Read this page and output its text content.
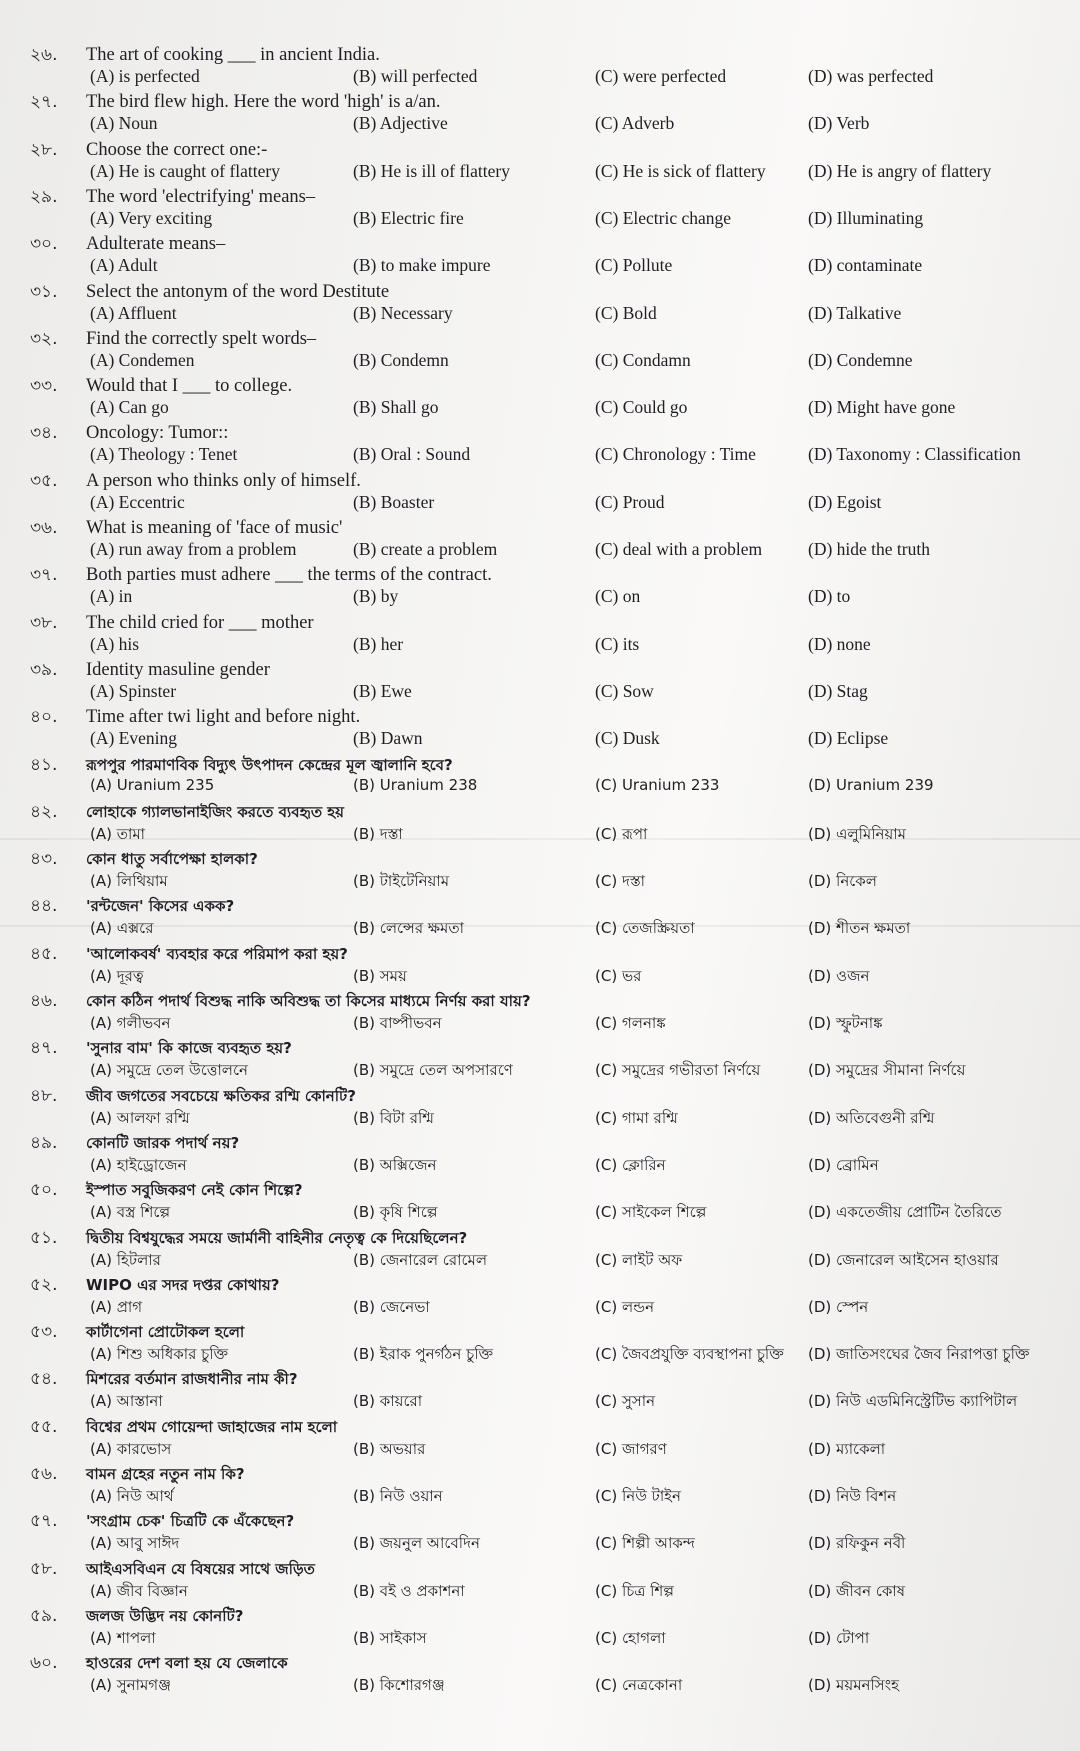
২৬. The art of cooking ___ in ancient India.
(A) is perfected	(B) will perfected	(C) were perfected	(D) was perfected
২৭. The bird flew high. Here the word 'high' is a/an.
(A) Noun	(B) Adjective	(C) Adverb	(D) Verb
২৮. Choose the correct one:-
(A) He is caught of flattery	(B) He is ill of flattery	(C) He is sick of flattery (D) He is angry of flattery
২৯. The word 'electrifying' means–
(A) Very exciting	(B) Electric fire	(C) Electric change	(D) Illuminating
৩০. Adulterate means–
(A) Adult	(B) to make impure	(C) Pollute	(D) contaminate
৩১. Select the antonym of the word Destitute
(A) Affluent	(B) Necessary	(C) Bold	(D) Talkative
৩২. Find the correctly spelt words–
(A) Condemen	(B) Condemn	(C) Condamn	(D) Condemne
৩৩. Would that I ___ to college.
(A) Can go	(B) Shall go	(C) Could go	(D) Might have gone
৩৪. Oncology: Tumor::
(A) Theology : Tenet	(B) Oral : Sound	(C) Chronology : Time	(D) Taxonomy : Classification
৩৫. A person who thinks only of himself.
(A) Eccentric	(B) Boaster	(C) Proud	(D) Egoist
৩৬. What is meaning of 'face of music'
(A) run away from a problem	(B) create a problem	(C) deal with a problem	(D) hide the truth
৩৭. Both parties must adhere ___ the terms of the contract.
(A) in	(B) by	(C) on	(D) to
৩৮. The child cried for ___ mother
(A) his	(B) her	(C) its	(D) none
৩৯. Identity masuline gender
(A) Spinster	(B) Ewe	(C) Sow	(D) Stag
৪০. Time after twi light and before night.
(A) Evening	(B) Dawn	(C) Dusk	(D) Eclipse
৪১. রূপপুর পারমাণবিক বিদ্যুৎ উৎপাদন কেন্দ্রের মূল জ্বালানি হবে?
(A) Uranium 235	(B) Uranium 238	(C) Uranium 233	(D) Uranium 239
৪২. লোহাকে গ্যালভানাইজিং করতে ব্যবহৃত হয়
(A) তামা	(B) দস্তা	(C) রূপা	(D) এলুমিনিয়াম
৪৩. কোন ধাতু সর্বাপেক্ষা হালকা?
(A) লিথিয়াম	(B) টাইটেনিয়াম	(C) দস্তা	(D) নিকেল
৪৪. 'রন্টজেন' কিসের একক?
(A) এক্সরে	(B) লেন্সের ক্ষমতা	(C) তেজস্ক্রিয়তা	(D) শীতন ক্ষমতা
৪৫. 'আলোকবর্ষ' ব্যবহার করে পরিমাপ করা হয়?
(A) দূরত্ব	(B) সময়	(C) ভর	(D) ওজন
৪৬. কোন কঠিন পদার্থ বিশুদ্ধ নাকি অবিশুদ্ধ তা কিসের মাধ্যমে নির্ণয় করা যায়?
(A) গলীভবন	(B) বাষ্পীভবন	(C) গলনাঙ্ক	(D) স্ফুটনাঙ্ক
৪৭. 'সুনার বাম' কি কাজে ব্যবহৃত হয়?
(A) সমুদ্রে তেল উত্তোলনে	(B) সমুদ্রে তেল অপসারণে	(C) সমুদ্রের গভীরতা নির্ণয়ে	(D) সমুদ্রের সীমানা নির্ণয়ে
৪৮. জীব জগতের সবচেয়ে ক্ষতিকর রশ্মি কোনটি?
(A) আলফা রশ্মি	(B) বিটা রশ্মি	(C) গামা রশ্মি	(D) অতিবেগুনী রশ্মি
৪৯. কোনটি জারক পদার্থ নয়?
(A) হাইড্রোজেন	(B) অক্সিজেন	(C) ক্লোরিন	(D) ব্রোমিন
৫০. ইস্পাত সবুজিকরণ নেই কোন শিল্পে?
(A) বস্ত্র শিল্পে	(B) কৃষি শিল্পে	(C) সাইকেল শিল্পে	(D) একতেজীয় প্রোটিন তৈরিতে
৫১. দ্বিতীয় বিশ্বযুদ্ধের সময়ে জার্মানী বাহিনীর নেতৃত্ব কে দিয়েছিলেন?
(A) হিটলার	(B) জেনারেল রোমেল	(C) লাইট অফ	(D) জেনারেল আইসেন হাওয়ার
৫২. WIPO এর সদর দপ্তর কোথায়?
(A) প্রাগ	(B) জেনেভা	(C) লন্ডন	(D) স্পেন
৫৩. কার্টাগেনা প্রোটোকল হলো
(A) শিশু অধিকার চুক্তি	(B) ইরাক পুনর্গঠন চুক্তি	(C) জৈবপ্রযুক্তি ব্যবস্থাপনা চুক্তি (D) জাতিসংঘের জৈব নিরাপত্তা চুক্তি
৫৪. মিশরের বর্তমান রাজধানীর নাম কী?
(A) আস্তানা	(B) কায়রো	(C) সুসান	(D) নিউ এডমিনিস্ট্রেটিভ ক্যাপিটাল
৫৫. বিশ্বের প্রথম গোয়েন্দা জাহাজের নাম হলো
(A) কারভোস	(B) অভয়ার	(C) জাগরণ	(D) ম্যাকেলা
৫৬. বামন গ্রহের নতুন নাম কি?
(A) নিউ আর্থ	(B) নিউ ওয়ান	(C) নিউ টাইন	(D) নিউ বিশন
৫৭. 'সংগ্রাম চেক' চিত্রটি কে এঁকেছেন?
(A) আবু সাঈদ	(B) জয়নুল আবেদিন	(C) শিল্পী আকন্দ	(D) রফিকুন নবী
৫৮. আইএসবিএন যে বিষয়ের সাথে জড়িত
(A) জীব বিজ্ঞান	(B) বই ও প্রকাশনা	(C) চিত্র শিল্প	(D) জীবন কোষ
৫৯. জলজ উদ্ভিদ নয় কোনটি?
(A) শাপলা	(B) সাইকাস	(C) হোগলা	(D) টোপা
৬০. হাওরের দেশ বলা হয় যে জেলাকে
(A) সুনামগঞ্জ	(B) কিশোরগঞ্জ	(C) নেত্রকোনা	(D) ময়মনসিংহ
